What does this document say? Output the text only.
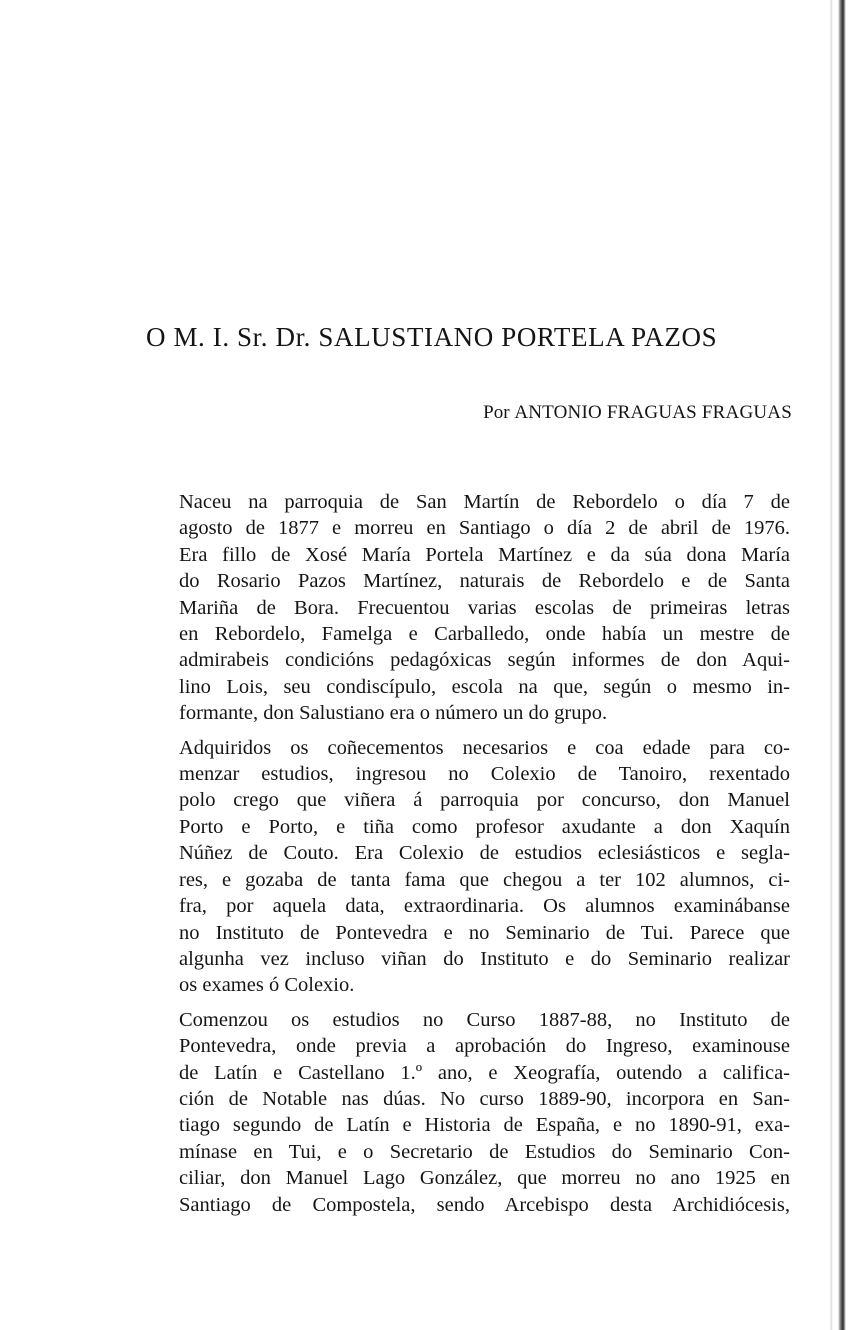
O M. I. Sr. Dr. SALUSTIANO PORTELA PAZOS
Por ANTONIO FRAGUAS FRAGUAS
Naceu na parroquia de San Martín de Rebordelo o día 7 de
agosto de 1877 e morreu en Santiago o día 2 de abril de 1976.
Era fillo de Xosé María Portela Martínez e da súa dona María
do Rosario Pazos Martínez, naturais de Rebordelo e de Santa
Mariña de Bora. Frecuentou varias escolas de primeiras letras
en Rebordelo, Famelga e Carballedo, onde había un mestre de
admirabeis condicións pedagóxicas según informes de don Aqui-
lino Lois, seu condiscípulo, escola na que, según o mesmo in-
formante, don Salustiano era o número un do grupo.
Adquiridos os coñecementos necesarios e coa edade para co-
menzar estudios, ingresou no Colexio de Tanoiro, rexentado
polo crego que viñera á parroquia por concurso, don Manuel
Porto e Porto, e tiña como profesor axudante a don Xaquín
Núñez de Couto. Era Colexio de estudios eclesiásticos e segla-
res, e gozaba de tanta fama que chegou a ter 102 alumnos, ci-
fra, por aquela data, extraordinaria. Os alumnos examinábanse
no Instituto de Pontevedra e no Seminario de Tui. Parece que
algunha vez incluso viñan do Instituto e do Seminario realizar
os exames ó Colexio.
Comenzou os estudios no Curso 1887-88, no Instituto de
Pontevedra, onde previa a aprobación do Ingreso, examinouse
de Latín e Castellano 1.º ano, e Xeografía, outendo a califica-
ción de Notable nas dúas. No curso 1889-90, incorpora en San-
tiago segundo de Latín e Historia de España, e no 1890-91, exa-
mínase en Tui, e o Secretario de Estudios do Seminario Con-
ciliar, don Manuel Lago González, que morreu no ano 1925 en
Santiago de Compostela, sendo Arcebispo desta Archidiócesis,
